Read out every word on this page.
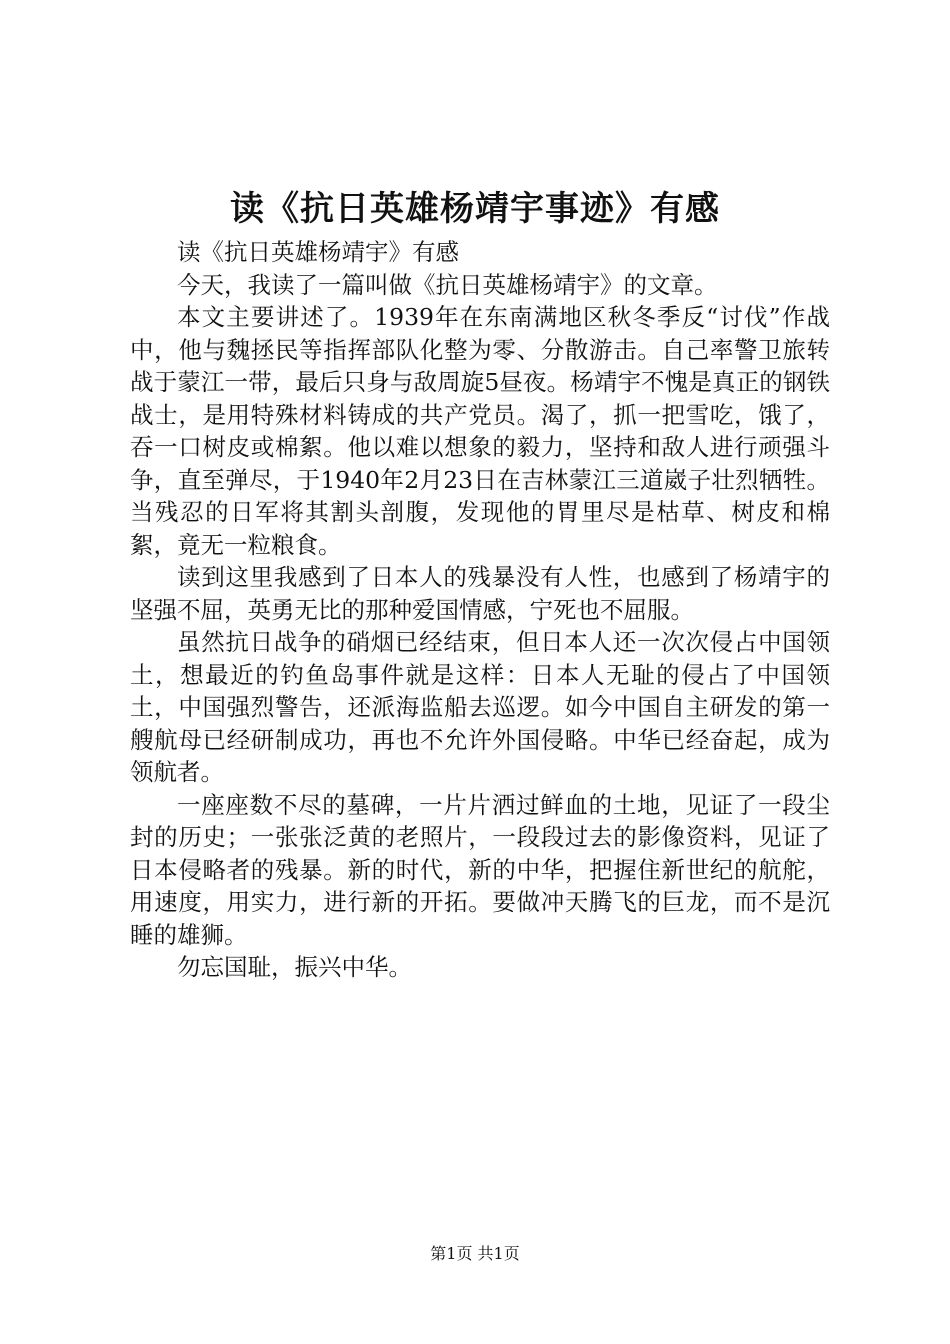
读《抗日英雄杨靖宇事迹》有感

读《抗日英雄杨靖宇》有感

今天，我读了一篇叫做《抗日英雄杨靖宇》的文章。

本文主要讲述了。1939年在东南满地区秋冬季反“讨伐”作战中，他与魏拯民等指挥部队化整为零、分散游击。自己率警卫旅转战于蒙江一带，最后只身与敌周旋5昼夜。杨靖宇不愧是真正的钢铁战士，是用特殊材料铸成的共产党员。渴了，抓一把雪吃，饿了，吞一口树皮或棉絮。他以难以想象的毅力，坚持和敌人进行顽强斗争，直至弹尽，于1940年2月23日在吉林蒙江三道崴子壮烈牺牲。当残忍的日军将其割头剖腹，发现他的胃里尽是枯草、树皮和棉絮，竟无一粒粮食。

读到这里我感到了日本人的残暴没有人性，也感到了杨靖宇的坚强不屈，英勇无比的那种爱国情感，宁死也不屈服。

虽然抗日战争的硝烟已经结束，但日本人还一次次侵占中国领土，想最近的钓鱼岛事件就是这样：日本人无耻的侵占了中国领土，中国强烈警告，还派海监船去巡逻。如今中国自主研发的第一艘航母已经研制成功，再也不允许外国侵略。中华已经奋起，成为领航者。

一座座数不尽的墓碑，一片片洒过鲜血的土地，见证了一段尘封的历史；一张张泛黄的老照片，一段段过去的影像资料，见证了日本侵略者的残暴。新的时代，新的中华，把握住新世纪的航舵，用速度，用实力，进行新的开拓。要做冲天腾飞的巨龙，而不是沉睡的雄狮。

勿忘国耻，振兴中华。

第1页 共1页
